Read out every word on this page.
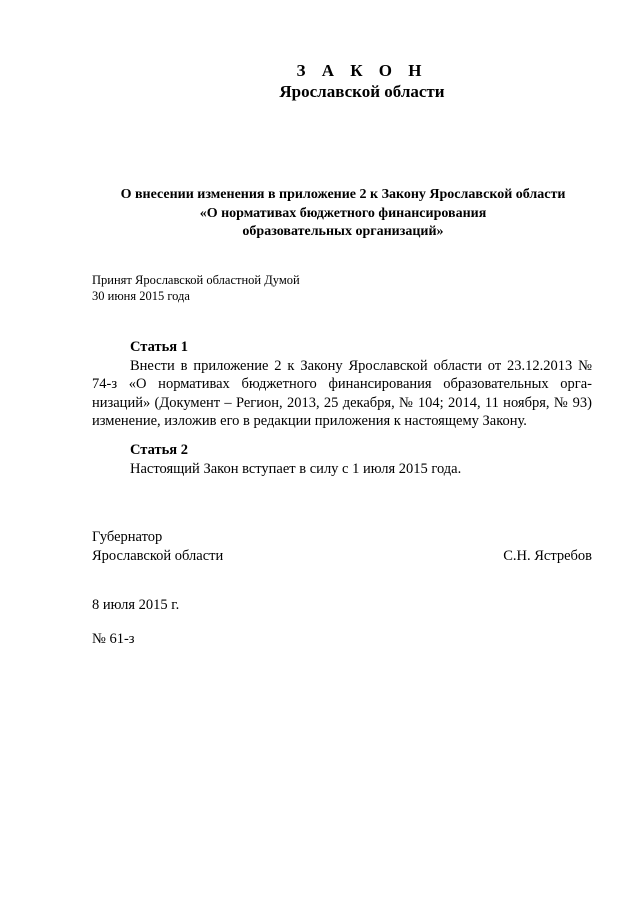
З А К О Н
Ярославской области
О внесении изменения в приложение 2 к Закону Ярославской области
«О нормативах бюджетного финансирования
образовательных организаций»
Принят Ярославской областной Думой
30 июня 2015 года
Статья 1
Внести в приложение 2 к Закону Ярославской области от 23.12.2013 № 74-з «О нормативах бюджетного финансирования образовательных орга-низаций» (Документ – Регион, 2013, 25 декабря, № 104; 2014, 11 ноября, № 93) изменение, изложив его в редакции приложения к настоящему Закону.
Статья 2
Настоящий Закон вступает в силу с 1 июля 2015 года.
Губернатор
Ярославской области	С.Н. Ястребов
8 июля 2015 г.
№ 61-з
